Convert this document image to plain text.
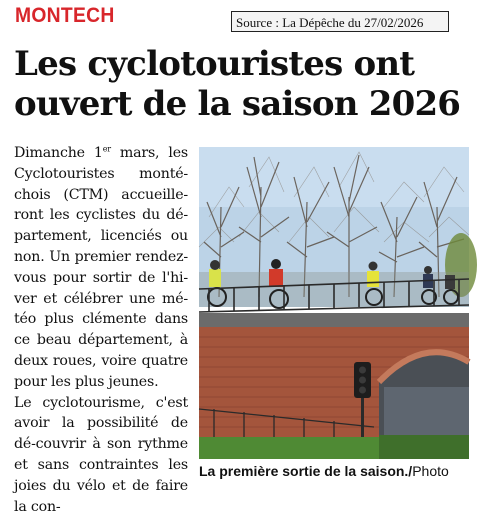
MONTECH	Source : La Dépêche du 27/02/2026
Les cyclotouristes ont
ouvert de la saison 2026

Dimanche 1er mars, les Cyclotouristes monté-chois (CTM) accueille-ront les cyclistes du dé-partement, licenciés ou non. Un premier rendez-vous pour sortir de l'hi-ver et célébrer une mé-téo plus clémente dans ce beau département, à deux roues, voire quatre pour les plus jeunes.

Le cyclotourisme, c'est avoir la possibilité de dé-couvrir à son rythme et sans contraintes les joies du vélo et de faire la con-

La première sortie de la saison./Photo
